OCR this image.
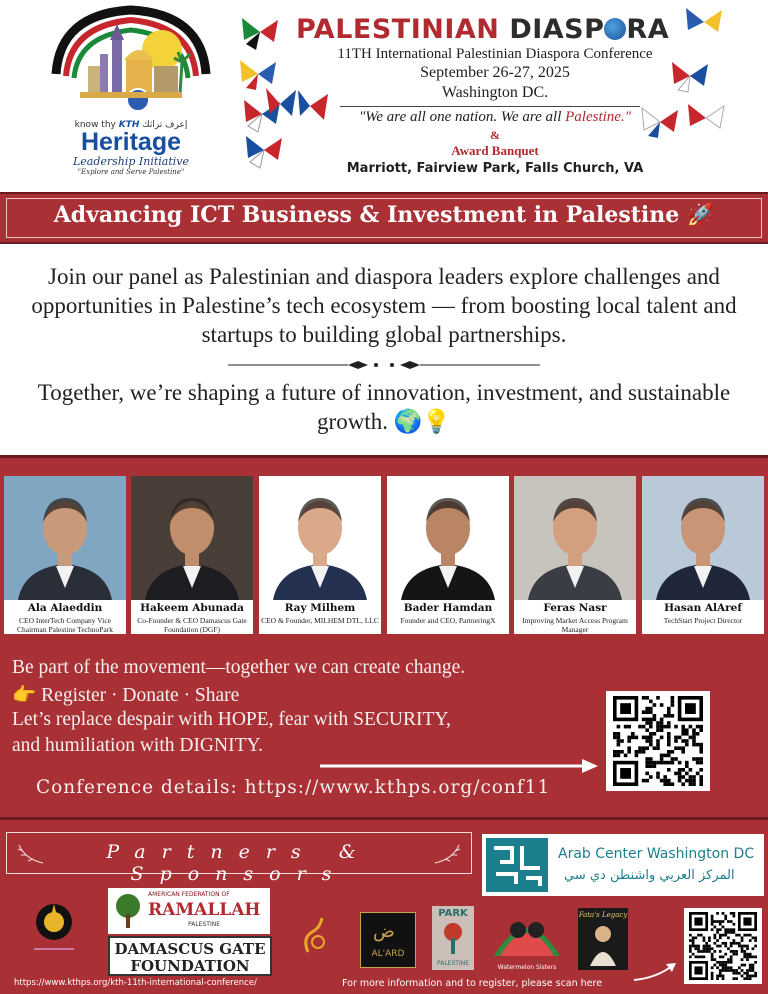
know thy KTH إعرف تراثك
Heritage
Leadership Initiative
"Explore and Serve Palestine"
PALESTINIAN DIASP RA
11TH International Palestinian Diaspora Conference
September 26-27, 2025
Washington DC.
"We are all one nation. We are all Palestine."
&
Award Banquet
Marriott, Fairview Park, Falls Church, VA
Advancing ICT Business & Investment in Palestine 🚀
Join our panel as Palestinian and diaspora leaders explore challenges and opportunities in Palestine’s tech ecosystem — from boosting local talent and startups to building global partnerships.
Together, we’re shaping a future of innovation, investment, and sustainable growth. 🌍💡
Ala Alaeddin
CEO InterTech Company Vice Chairman Palestine TechnoPark
Hakeem Abunada
Co-Founder & CEO Damascus Gate Foundation (DGF)
Ray Milhem
CEO & Founder, MILHEM DTL, LLC
Bader Hamdan
Founder and CEO, PartneringX
Feras Nasr
Improving Market Access Program Manager
Hasan AlAref
TechStart Project Director
Be part of the movement—together we can create change.
👉 Register · Donate · Share
Let’s replace despair with HOPE, fear with SECURITY,
and humiliation with DIGNITY.
Conference details: https://www.kthps.org/conf11
Partners & Sponsors
Arab Center Washington DC
المركز العربي واشنطن دي سي
AMERICAN FEDERATION OF
RAMALLAH
PALESTINE
DAMASCUS GATE
FOUNDATION
AL'ARD
ض
PARK
PALESTINE
Watermelon Sisters
Fata's Legacy
https://www.kthps.org/kth-11th-international-conference/	For more information and to register, please scan here
